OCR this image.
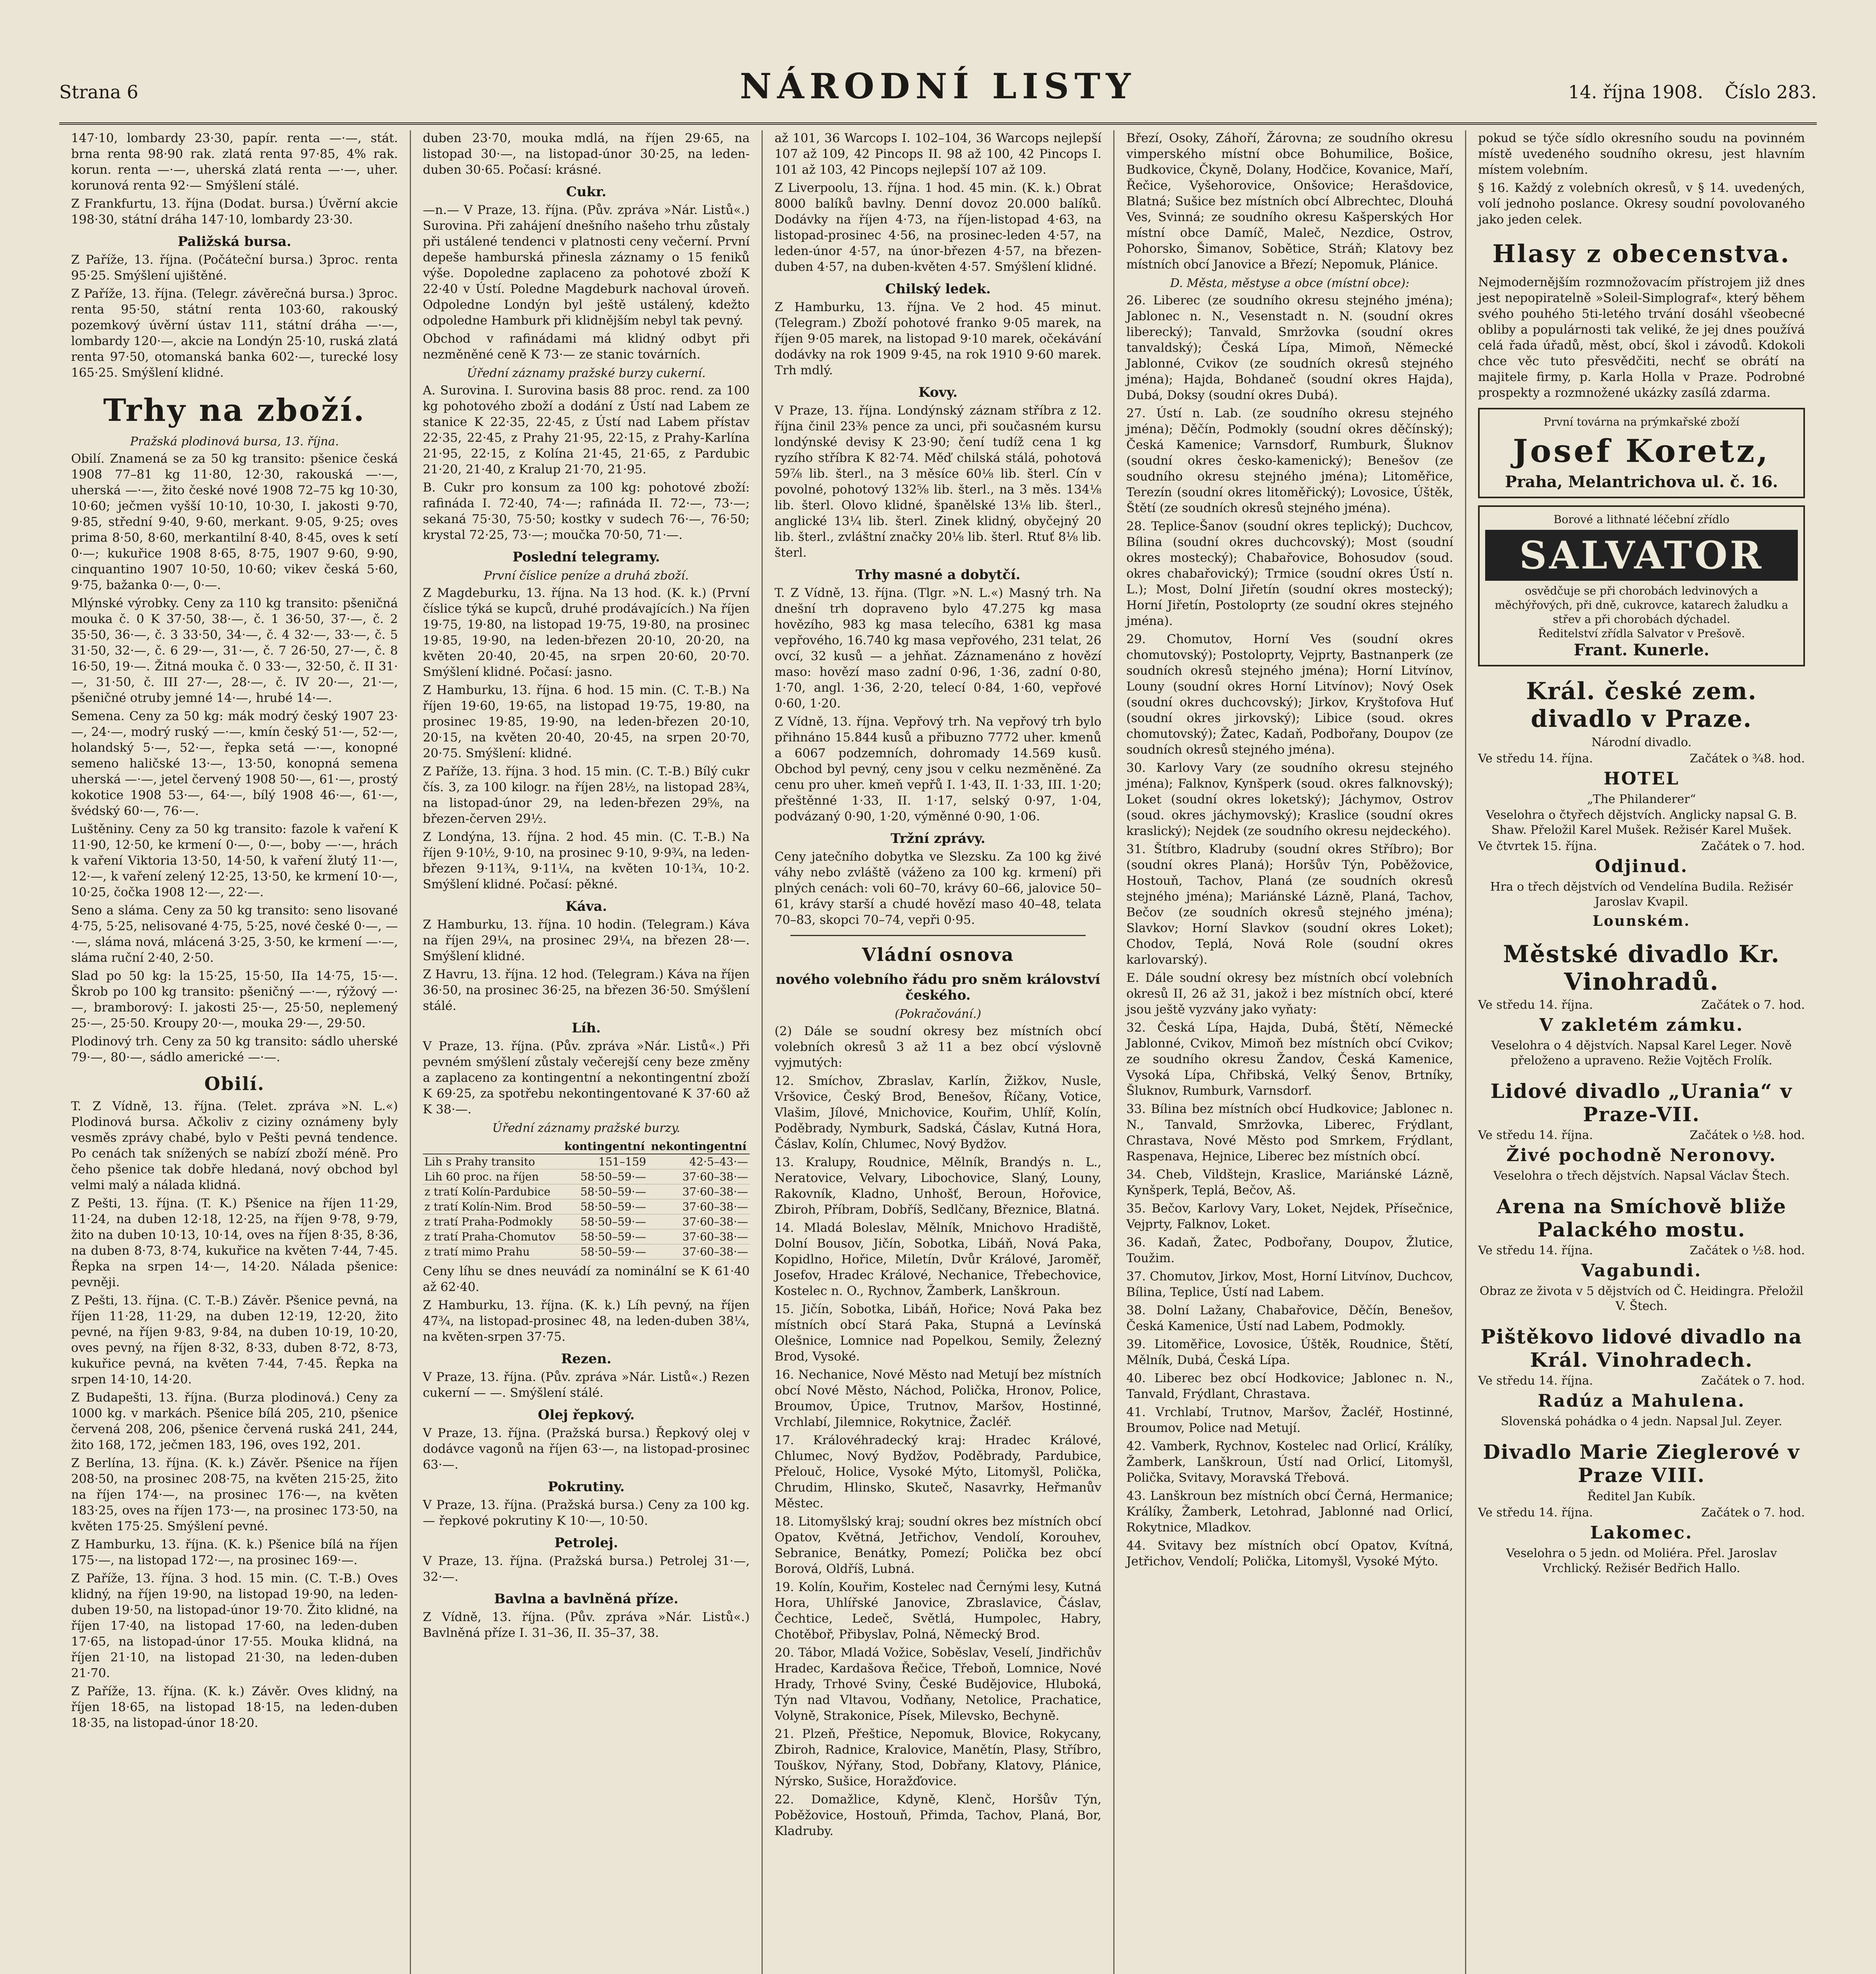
Strana 6	NÁRODNÍ LISTY	14. října 1908. Číslo 283.

147·10, lombardy 23·30, papír. renta —·—, stát. brna renta 98·90 rak. zlatá renta 97·85, 4% rak. korun. renta —·—, uherská zlatá renta —·—, uher. korunová renta 92·— Smýšlení stálé.

Z Frankfurtu, 13. října (Dodat. bursa.) Úvěrní akcie 198·30, státní dráha 147·10, lombardy 23·30.

Paližská bursa.

Z Paříže, 13. října. (Počáteční bursa.) 3proc. renta 95·25. Smýšlení ujištěné.

Z Paříže, 13. října. (Telegr. závěrečná bursa.) 3proc. renta 95·50, státní renta 103·60, rakouský pozemkový úvěrní ústav 111, státní dráha —·—, lombardy 120·—, akcie na Londýn 25·10, ruská zlatá renta 97·50, otomanská banka 602·—, turecké losy 165·25. Smýšlení klidné.

Trhy na zboží.
Pražská plodinová bursa, 13. října.

Obilí. Znamená se za 50 kg transito: pšenice česká 1908 77–81 kg 11·80, 12·30, rakouská —·—, uherská —·—, žito české nové 1908 72–75 kg 10·30, 10·60; ječmen vyšší 10·10, 10·30, I. jakosti 9·70, 9·85, střední 9·40, 9·60, merkant. 9·05, 9·25; oves prima 8·50, 8·60, merkantilní 8·40, 8·45, oves k setí 0·—; kukuřice 1908 8·65, 8·75, 1907 9·60, 9·90, cinquantino 1907 10·50, 10·60; vikev česká 5·60, 9·75, bažanka 0·—, 0·—.

Mlýnské výrobky. Ceny za 110 kg transito: pšeničná mouka č. 0 K 37·50, 38·—, č. 1 36·50, 37·—, č. 2 35·50, 36·—, č. 3 33·50, 34·—, č. 4 32·—, 33·—, č. 5 31·50, 32·—, č. 6 29·—, 31·—, č. 7 26·50, 27·—, č. 8 16·50, 19·—. Žitná mouka č. 0 33·—, 32·50, č. II 31·—, 31·50, č. III 27·—, 28·—, č. IV 20·—, 21·—, pšeničné otruby jemné 14·—, hrubé 14·—.

Semena. Ceny za 50 kg: mák modrý český 1907 23·—, 24·—, modrý ruský —·—, kmín český 51·—, 52·—, holandský 5·—, 52·—, řepka setá —·—, konopné semeno haličské 13·—, 13·50, konopná semena uherská —·—, jetel červený 1908 50·—, 61·—, prostý kokotice 1908 53·—, 64·—, bílý 1908 46·—, 61·—, švédský 60·—, 76·—.

Luštěniny. Ceny za 50 kg transito: fazole k vaření K 11·90, 12·50, ke krmení 0·—, 0·—, boby —·—, hrách k vaření Viktoria 13·50, 14·50, k vaření žlutý 11·—, 12·—, k vaření zelený 12·25, 13·50, ke krmení 10·—, 10·25, čočka 1908 12·—, 22·—.

Seno a sláma. Ceny za 50 kg transito: seno lisované 4·75, 5·25, nelisované 4·75, 5·25, nové české 0·—, —·—, sláma nová, mlácená 3·25, 3·50, ke krmení —·—, sláma ruční 2·40, 2·50.

Slad po 50 kg: la 15·25, 15·50, IIa 14·75, 15·—. Škrob po 100 kg transito: pšeničný —·—, rýžový —·—, bramborový: I. jakosti 25·—, 25·50, neplemený 25·—, 25·50. Kroupy 20·—, mouka 29·—, 29·50.

Plodinový trh. Ceny za 50 kg transito: sádlo uherské 79·—, 80·—, sádlo americké —·—.

Obilí.

T. Z Vídně, 13. října. (Telet. zpráva »N. L.«) Plodinová bursa. Ačkoliv z ciziny oznámeny byly vesměs zprávy chabé, bylo v Pešti pevná tendence. Po cenách tak snížených se nabízí zboží méně. Pro čeho pšenice tak dobře hledaná, nový obchod byl velmi malý a nálada klidná.

Z Pešti, 13. října. (T. K.) Pšenice na říjen 11·29, 11·24, na duben 12·18, 12·25, na říjen 9·78, 9·79, žito na duben 10·13, 10·14, oves na říjen 8·35, 8·36, na duben 8·73, 8·74, kukuřice na květen 7·44, 7·45. Řepka na srpen 14·—, 14·20. Nálada pšenice: pevněji.

Z Pešti, 13. října. (C. T.-B.) Závěr. Pšenice pevná, na říjen 11·28, 11·29, na duben 12·19, 12·20, žito pevné, na říjen 9·83, 9·84, na duben 10·19, 10·20, oves pevný, na říjen 8·32, 8·33, duben 8·72, 8·73, kukuřice pevná, na květen 7·44, 7·45. Řepka na srpen 14·10, 14·20.

Z Budapešti, 13. října. (Burza plodinová.) Ceny za 1000 kg. v markách. Pšenice bílá 205, 210, pšenice červená 208, 206, pšenice červená ruská 241, 244, žito 168, 172, ječmen 183, 196, oves 192, 201.

Z Berlína, 13. října. (K. k.) Závěr. Pšenice na říjen 208·50, na prosinec 208·75, na květen 215·25, žito na říjen 174·—, na prosinec 176·—, na květen 183·25, oves na říjen 173·—, na prosinec 173·50, na květen 175·25. Smýšlení pevné.

Z Hamburku, 13. října. (K. k.) Pšenice bílá na říjen 175·—, na listopad 172·—, na prosinec 169·—.

Z Paříže, 13. října. 3 hod. 15 min. (C. T.-B.) Oves klidný, na říjen 19·90, na listopad 19·90, na leden-duben 19·50, na listopad-únor 19·70. Žito klidné, na říjen 17·40, na listopad 17·60, na leden-duben 17·65, na listopad-únor 17·55. Mouka klidná, na říjen 21·10, na listopad 21·30, na leden-duben 21·70.

Z Paříže, 13. října. (K. k.) Závěr. Oves klidný, na říjen 18·65, na listopad 18·15, na leden-duben 18·35, na listopad-únor 18·20.

duben 23·70, mouka mdlá, na říjen 29·65, na listopad 30·—, na listopad-únor 30·25, na leden-duben 30·65. Počasí: krásné.

Cukr.

—n.— V Praze, 13. října. (Pův. zpráva »Nár. Listů«.) Surovina. Při zahájení dnešního našeho trhu zůstaly při ustálené tendenci v platnosti ceny večerní. První depeše hamburská přinesla záznamy o 15 feniků výše. Dopoledne zaplaceno za pohotové zboží K 22·40 v Ústí. Poledne Magdeburk nachoval úroveň. Odpoledne Londýn byl ještě ustálený, kdežto odpoledne Hamburk při klidnějším nebyl tak pevný.

Obchod v rafinádami má klidný odbyt při nezměněné ceně K 73·— ze stanic továrních.

Úřední záznamy pražské burzy cukerní.

A. Surovina. I. Surovina basis 88 proc. rend. za 100 kg pohotového zboží a dodání z Ústí nad Labem ze stanice K 22·35, 22·45, z Ústí nad Labem přístav 22·35, 22·45, z Prahy 21·95, 22·15, z Prahy-Karlína 21·95, 22·15, z Kolína 21·45, 21·65, z Pardubic 21·20, 21·40, z Kralup 21·70, 21·95.

B. Cukr pro konsum za 100 kg: pohotové zboží: rafináda I. 72·40, 74·—; rafináda II. 72·—, 73·—; sekaná 75·30, 75·50; kostky v sudech 76·—, 76·50; krystal 72·25, 73·—; moučka 70·50, 71·—.

Poslední telegramy.
První číslice peníze a druhá zboží.

Z Magdeburku, 13. října. Na 13 hod. (K. k.) (První číslice týká se kupců, druhé prodávajících.) Na říjen 19·75, 19·80, na listopad 19·75, 19·80, na prosinec 19·85, 19·90, na leden-březen 20·10, 20·20, na květen 20·40, 20·45, na srpen 20·60, 20·70. Smýšlení klidné. Počasí: jasno.

Z Hamburku, 13. října. 6 hod. 15 min. (C. T.-B.) Na říjen 19·60, 19·65, na listopad 19·75, 19·80, na prosinec 19·85, 19·90, na leden-březen 20·10, 20·15, na květen 20·40, 20·45, na srpen 20·70, 20·75. Smýšlení: klidné.

Z Paříže, 13. října. 3 hod. 15 min. (C. T.-B.) Bílý cukr čís. 3, za 100 kilogr. na říjen 28½, na listopad 28¾, na listopad-únor 29, na leden-březen 29⅝, na březen-červen 29½.

Z Londýna, 13. října. 2 hod. 45 min. (C. T.-B.) Na říjen 9·10½, 9·10, na prosinec 9·10, 9·9¾, na leden-březen 9·11¾, 9·11¼, na květen 10·1¾, 10·2. Smýšlení klidné. Počasí: pěkné.

Káva.

Z Hamburku, 13. října. 10 hodin. (Telegram.) Káva na říjen 29¼, na prosinec 29¼, na březen 28·—. Smýšlení klidné.

Z Havru, 13. října. 12 hod. (Telegram.) Káva na říjen 36·50, na prosinec 36·25, na březen 36·50. Smýšlení stálé.

Líh.

V Praze, 13. října. (Pův. zpráva »Nár. Listů«.) Při pevném smýšlení zůstaly večerejší ceny beze změny a zaplaceno za kontingentní a nekontingentní zboží K 69·25, za spotřebu nekontingentované K 37·60 až K 38·—.

Úřední záznamy pražské burzy.
	kontingentní	nekontingentní
Lih s Prahy transito	151–159	42·5–43·—
Lih 60 proc. na říjen	58·50–59·—	37·60–38·—
z tratí Kolín-Pardubice	58·50–59·—	37·60–38·—
z tratí Kolín-Nim. Brod	58·50–59·—	37·60–38·—
z tratí Praha-Podmokly	58·50–59·—	37·60–38·—
z tratí Praha-Chomutov	58·50–59·—	37·60–38·—
z tratí mimo Prahu	58·50–59·—	37·60–38·—

Ceny líhu se dnes neuvádí za nominální se K 61·40 až 62·40.

Z Hamburku, 13. října. (K. k.) Líh pevný, na říjen 47¾, na listopad-prosinec 48, na leden-duben 38¼, na květen-srpen 37·75.

Rezen.

V Praze, 13. října. (Pův. zpráva »Nár. Listů«.) Rezen cukerní — —. Smýšlení stálé.

Olej řepkový.

V Praze, 13. října. (Pražská bursa.) Řepkový olej v dodávce vagonů na říjen 63·—, na listopad-prosinec 63·—.

Pokrutiny.

V Praze, 13. října. (Pražská bursa.) Ceny za 100 kg. — řepkové pokrutiny K 10·—, 10·50.

Petrolej.

V Praze, 13. října. (Pražská bursa.) Petrolej 31·—, 32·—.

Bavlna a bavlněná příze.

Z Vídně, 13. října. (Pův. zpráva »Nár. Listů«.) Bavlněná příze I. 31–36, II. 35–37, 38.

až 101, 36 Warcops I. 102–104, 36 Warcops nejlepší 107 až 109, 42 Pincops II. 98 až 100, 42 Pincops I. 101 až 103, 42 Pincops nejlepší 107 až 109.

Z Liverpoolu, 13. října. 1 hod. 45 min. (K. k.) Obrat 8000 balíků bavlny. Denní dovoz 20.000 balíků. Dodávky na říjen 4·73, na říjen-listopad 4·63, na listopad-prosinec 4·56, na prosinec-leden 4·57, na leden-únor 4·57, na únor-březen 4·57, na březen-duben 4·57, na duben-květen 4·57. Smýšlení klidné.

Chilský ledek.

Z Hamburku, 13. října. Ve 2 hod. 45 minut. (Telegram.) Zboží pohotové franko 9·05 marek, na říjen 9·05 marek, na listopad 9·10 marek, očekávání dodávky na rok 1909 9·45, na rok 1910 9·60 marek. Trh mdlý.

Kovy.

V Praze, 13. října. Londýnský záznam stříbra z 12. října činil 23⅜ pence za unci, při současném kursu londýnské devisy K 23·90; čení tudíž cena 1 kg ryzího stříbra K 82·74. Měď chilská stálá, pohotová 59⅞ lib. šterl., na 3 měsíce 60⅛ lib. šterl. Cín v povolné, pohotový 132⅝ lib. šterl., na 3 měs. 134⅛ lib. šterl. Olovo klidné, španělské 13⅛ lib. šterl., anglické 13¼ lib. šterl. Zinek klidný, obyčejný 20 lib. šterl., zvláštní značky 20⅛ lib. šterl. Rtuť 8⅛ lib. šterl.

Trhy masné a dobytčí.

T. Z Vídně, 13. října. (Tlgr. »N. L.«) Masný trh. Na dnešní trh dopraveno bylo 47.275 kg masa hovězího, 983 kg masa telecího, 6381 kg masa vepřového, 16.740 kg masa vepřového, 231 telat, 26 ovcí, 32 kusů — a jehňat. Záznamenáno z hovězí maso: hovězí maso zadní 0·96, 1·36, zadní 0·80, 1·70, angl. 1·36, 2·20, telecí 0·84, 1·60, vepřové 0·60, 1·20.

Z Vídně, 13. října. Vepřový trh. Na vepřový trh bylo přihnáno 15.844 kusů a přibuzno 7772 uher. kmenů a 6067 podzemních, dohromady 14.569 kusů. Obchod byl pevný, ceny jsou v celku nezměněné. Za cenu pro uher. kmeň vepřů I. 1·43, II. 1·33, III. 1·20; přeštěnné 1·33, II. 1·17, selský 0·97, 1·04, podvázaný 0·90, 1·20, výměnné 0·90, 1·06.

Tržní zprávy.

Ceny jatečního dobytka ve Slezsku. Za 100 kg živé váhy nebo zvláště (váženo za 100 kg. krmení) při plných cenách: voli 60–70, krávy 60–66, jalovice 50–61, krávy starší a chudé hovězí maso 40–48, telata 70–83, skopci 70–74, vepři 0·95.

Vládní osnova
nového volebního řádu pro sněm království českého.
(Pokračování.)

(2) Dále se soudní okresy bez místních obcí volebních okresů 3 až 11 a bez obcí výslovně vyjmutých:

12. Smíchov, Zbraslav, Karlín, Žižkov, Nusle, Vršovice, Český Brod, Benešov, Říčany, Votice, Vlašim, Jílové, Mnichovice, Kouřim, Uhlíř, Kolín, Poděbrady, Nymburk, Sadská, Čáslav, Kutná Hora, Čáslav, Kolín, Chlumec, Nový Bydžov.

13. Kralupy, Roudnice, Mělník, Brandýs n. L., Neratovice, Velvary, Libochovice, Slaný, Louny, Rakovník, Kladno, Unhošť, Beroun, Hořovice, Zbiroh, Příbram, Dobříš, Sedlčany, Březnice, Blatná.

14. Mladá Boleslav, Mělník, Mnichovo Hradiště, Dolní Bousov, Jičín, Sobotka, Libáň, Nová Paka, Kopidlno, Hořice, Miletín, Dvůr Králové, Jaroměř, Josefov, Hradec Králové, Nechanice, Třebechovice, Kostelec n. O., Rychnov, Žamberk, Lanškroun.

15. Jičín, Sobotka, Libáň, Hořice; Nová Paka bez místních obcí Stará Paka, Stupná a Levínská Olešnice, Lomnice nad Popelkou, Semily, Železný Brod, Vysoké.

16. Nechanice, Nové Město nad Metují bez místních obcí Nové Město, Náchod, Polička, Hronov, Police, Broumov, Úpice, Trutnov, Maršov, Hostinné, Vrchlabí, Jilemnice, Rokytnice, Žacléř.

17. Královéhradecký kraj: Hradec Králové, Chlumec, Nový Bydžov, Poděbrady, Pardubice, Přelouč, Holice, Vysoké Mýto, Litomyšl, Polička, Chrudim, Hlinsko, Skuteč, Nasavrky, Heřmanův Městec.

18. Litomyšlský kraj; soudní okres bez místních obcí Opatov, Květná, Jetřichov, Vendolí, Korouhev, Sebranice, Benátky, Pomezí; Polička bez obcí Borová, Oldříš, Lubná.

19. Kolín, Kouřim, Kostelec nad Černými lesy, Kutná Hora, Uhlířské Janovice, Zbraslavice, Čáslav, Čechtice, Ledeč, Světlá, Humpolec, Habry, Chotěboř, Přibyslav, Polná, Německý Brod.

20. Tábor, Mladá Vožice, Soběslav, Veselí, Jindřichův Hradec, Kardašova Řečice, Třeboň, Lomnice, Nové Hrady, Trhové Sviny, České Budějovice, Hluboká, Týn nad Vltavou, Vodňany, Netolice, Prachatice, Volyně, Strakonice, Písek, Milevsko, Bechyně.

21. Plzeň, Přeštice, Nepomuk, Blovice, Rokycany, Zbiroh, Radnice, Kralovice, Manětín, Plasy, Stříbro, Touškov, Nýřany, Stod, Dobřany, Klatovy, Plánice, Nýrsko, Sušice, Horažďovice.

22. Domažlice, Kdyně, Klenč, Horšův Týn, Poběžovice, Hostouň, Přimda, Tachov, Planá, Bor, Kladruby.

Březí, Osoky, Záhoří, Žárovna; ze soudního okresu vimperského místní obce Bohumilice, Bošice, Budkovice, Čkyně, Dolany, Hodčice, Kovanice, Maří, Řečice, Vyšehorovice, Onšovice; Herašdovice, Blatná; Sušice bez místních obcí Albrechtec, Dlouhá Ves, Svinná; ze soudního okresu Kašperských Hor místní obce Damíč, Maleč, Nezdice, Ostrov, Pohorsko, Šimanov, Sobětice, Stráň; Klatovy bez místních obcí Janovice a Březí; Nepomuk, Plánice.

D. Města, městyse a obce (místní obce):

26. Liberec (ze soudního okresu stejného jména); Jablonec n. N., Vesenstadt n. N. (soudní okres liberecký); Tanvald, Smržovka (soudní okres tanvaldský); Česká Lípa, Mimoň, Německé Jablonné, Cvikov (ze soudních okresů stejného jména); Hajda, Bohdaneč (soudní okres Hajda), Dubá, Doksy (soudní okres Dubá).

27. Ústí n. Lab. (ze soudního okresu stejného jména); Děčín, Podmokly (soudní okres děčínský); Česká Kamenice; Varnsdorf, Rumburk, Šluknov (soudní okres česko-kamenický); Benešov (ze soudního okresu stejného jména); Litoměřice, Terezín (soudní okres litoměřický); Lovosice, Úštěk, Štětí (ze soudních okresů stejného jména).

28. Teplice-Šanov (soudní okres teplický); Duchcov, Bílina (soudní okres duchcovský); Most (soudní okres mostecký); Chabařovice, Bohosudov (soud. okres chabařovický); Trmice (soudní okres Ústí n. L.); Most, Dolní Jiřetín (soudní okres mostecký); Horní Jiřetín, Postoloprty (ze soudní okres stejného jména).

29. Chomutov, Horní Ves (soudní okres chomutovský); Postoloprty, Vejprty, Bastnanperk (ze soudních okresů stejného jména); Horní Litvínov, Louny (soudní okres Horní Litvínov); Nový Osek (soudní okres duchcovský); Jirkov, Kryštofova Huť (soudní okres jirkovský); Libice (soud. okres chomutovský); Žatec, Kadaň, Podbořany, Doupov (ze soudních okresů stejného jména).

30. Karlovy Vary (ze soudního okresu stejného jména); Falknov, Kynšperk (soud. okres falknovský); Loket (soudní okres loketský); Jáchymov, Ostrov (soud. okres jáchymovský); Kraslice (soudní okres kraslický); Nejdek (ze soudního okresu nejdeckého).

31. Štítbro, Kladruby (soudní okres Stříbro); Bor (soudní okres Planá); Horšův Týn, Poběžovice, Hostouň, Tachov, Planá (ze soudních okresů stejného jména); Mariánské Lázně, Planá, Tachov, Bečov (ze soudních okresů stejného jména); Slavkov; Horní Slavkov (soudní okres Loket); Chodov, Teplá, Nová Role (soudní okres karlovarský).

E. Dále soudní okresy bez místních obcí volebních okresů II, 26 až 31, jakož i bez místních obcí, které jsou ještě vyzvány jako vyňaty:

32. Česká Lípa, Hajda, Dubá, Štětí, Německé Jablonné, Cvikov, Mimoň bez místních obcí Cvikov; ze soudního okresu Žandov, Česká Kamenice, Vysoká Lípa, Chřibská, Velký Šenov, Brtníky, Šluknov, Rumburk, Varnsdorf.

33. Bílina bez místních obcí Hudkovice; Jablonec n. N., Tanvald, Smržovka, Liberec, Frýdlant, Chrastava, Nové Město pod Smrkem, Frýdlant, Raspenava, Hejnice, Liberec bez místních obcí.

34. Cheb, Vildštejn, Kraslice, Mariánské Lázně, Kynšperk, Teplá, Bečov, Aš.

35. Bečov, Karlovy Vary, Loket, Nejdek, Přísečnice, Vejprty, Falknov, Loket.

36. Kadaň, Žatec, Podbořany, Doupov, Žlutice, Toužim.

37. Chomutov, Jirkov, Most, Horní Litvínov, Duchcov, Bílina, Teplice, Ústí nad Labem.

38. Dolní Lažany, Chabařovice, Děčín, Benešov, Česká Kamenice, Ústí nad Labem, Podmokly.

39. Litoměřice, Lovosice, Úštěk, Roudnice, Štětí, Mělník, Dubá, Česká Lípa.

40. Liberec bez obcí Hodkovice; Jablonec n. N., Tanvald, Frýdlant, Chrastava.

41. Vrchlabí, Trutnov, Maršov, Žacléř, Hostinné, Broumov, Police nad Metují.

42. Vamberk, Rychnov, Kostelec nad Orlicí, Králíky, Žamberk, Lanškroun, Ústí nad Orlicí, Litomyšl, Polička, Svitavy, Moravská Třebová.

43. Lanškroun bez místních obcí Černá, Hermanice; Králíky, Žamberk, Letohrad, Jablonné nad Orlicí, Rokytnice, Mladkov.

44. Svitavy bez místních obcí Opatov, Kvítná, Jetřichov, Vendolí; Polička, Litomyšl, Vysoké Mýto.

pokud se týče sídlo okresního soudu na povinném místě uvedeného soudního okresu, jest hlavním místem volebním.

§ 16. Každý z volebních okresů, v § 14. uvedených, volí jednoho poslance. Okresy soudní povolovaného jako jeden celek.

Hlasy z obecenstva.

Nejmodernějším rozmnožovacím přístrojem již dnes jest nepopiratelně »Soleil-Simplograf«, který během svého pouhého 5ti-letého trvání dosáhl všeobecné obliby a populárnosti tak veliké, že jej dnes používá celá řada úřadů, měst, obcí, škol i závodů. Kdokoli chce věc tuto přesvědčiti, nechť se obrátí na majitele firmy, p. Karla Holla v Praze. Podrobné prospekty a rozmnožené ukázky zasílá zdarma.

První továrna na prýmkařské zboží
Josef Koretz,
Praha, Melantrichova ul. č. 16.
Borové a lithnaté léčební zřídlo
SALVATOR
osvědčuje se při chorobách ledvinových a měchýřových, při dně, cukrovce, katarech žaludku a střev a při chorobách dýchadel.
Ředitelství zřídla Salvator v Prešově.
Frant. Kunerle.
Král. české zem. divadlo v Praze.
Národní divadlo.
Ve středu 14. října.	Začátek o ¾8. hod.
HOTEL
„The Philanderer“
Veselohra o čtyřech dějstvích. Anglicky napsal G. B. Shaw. Přeložil Karel Mušek. Režisér Karel Mušek.
Ve čtvrtek 15. října.	Začátek o 7. hod.
Odjinud.
Hra o třech dějstvích od Vendelína Budila. Režisér Jaroslav Kvapil.
Lounském.
Městské divadlo Kr. Vinohradů.
Ve středu 14. října.	Začátek o 7. hod.
V zakletém zámku.
Veselohra o 4 dějstvích. Napsal Karel Leger. Nově přeloženo a upraveno. Režie Vojtěch Frolík.
Lidové divadlo „Urania“ v Praze-VII.
Ve středu 14. října.	Začátek o ½8. hod.
Živé pochodně Neronovy.
Veselohra o třech dějstvích. Napsal Václav Štech.
Arena na Smíchově bliže Palackého mostu.
Ve středu 14. října.	Začátek o ½8. hod.
Vagabundi.
Obraz ze života v 5 dějstvích od Č. Heidingra. Přeložil V. Štech.
Pištěkovo lidové divadlo na Král. Vinohradech.
Ve středu 14. října.	Začátek o 7. hod.
Radúz a Mahulena.
Slovenská pohádka o 4 jedn. Napsal Jul. Zeyer.
Divadlo Marie Zieglerové v Praze VIII.
Ředitel Jan Kubík.
Ve středu 14. října.	Začátek o 7. hod.
Lakomec.
Veselohra o 5 jedn. od Moliéra. Přel. Jaroslav Vrchlický. Režisér Bedřich Hallo.
